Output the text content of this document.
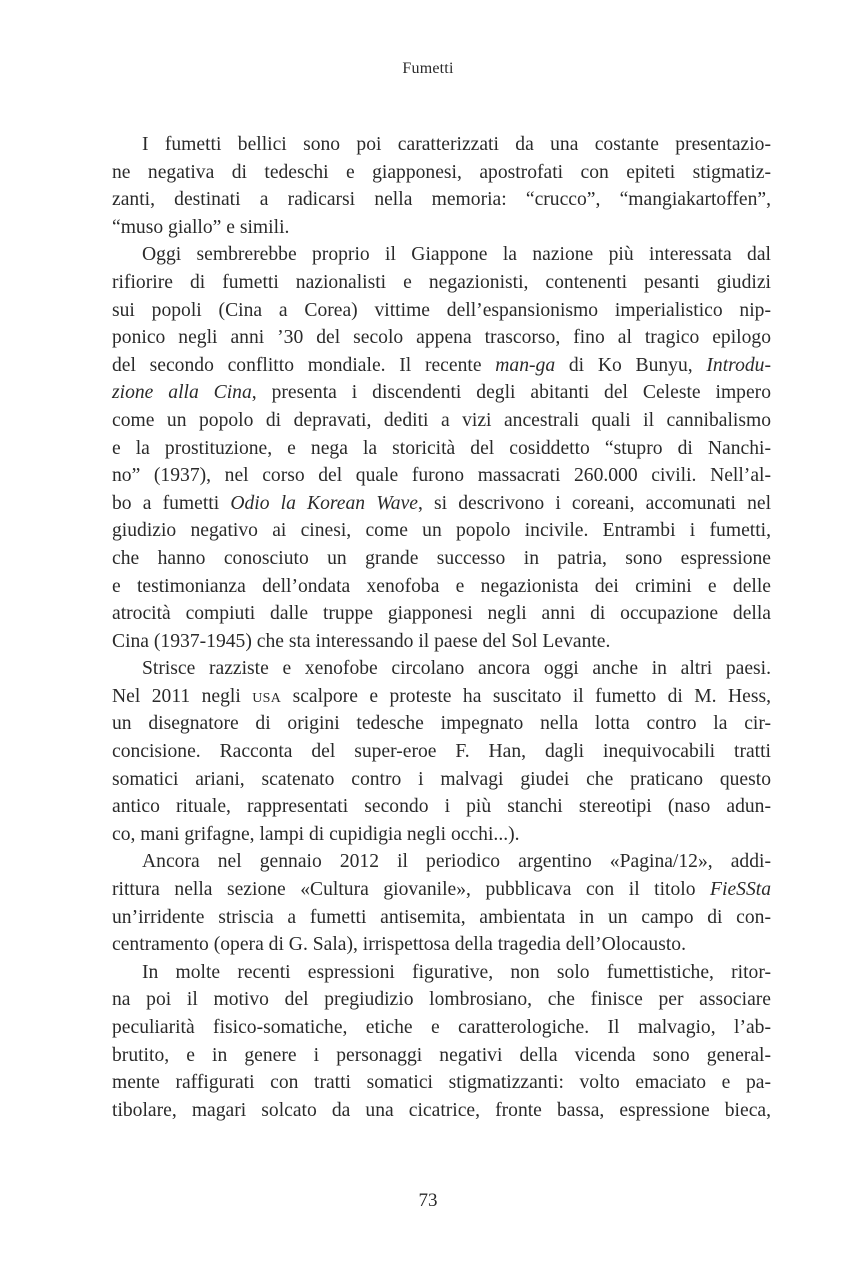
Fumetti
I fumetti bellici sono poi caratterizzati da una costante presentazio-
ne negativa di tedeschi e giapponesi, apostrofati con epiteti stigmatiz-
zanti, destinati a radicarsi nella memoria: “crucco”, “mangiakartoffen”,
“muso giallo” e simili.
Oggi sembrerebbe proprio il Giappone la nazione più interessata dal
rifiorire di fumetti nazionalisti e negazionisti, contenenti pesanti giudizi
sui popoli (Cina a Corea) vittime dell’espansionismo imperialistico nip-
ponico negli anni ’30 del secolo appena trascorso, fino al tragico epilogo
del secondo conflitto mondiale. Il recente man-ga di Ko Bunyu, Introdu-
zione alla Cina, presenta i discendenti degli abitanti del Celeste impero
come un popolo di depravati, dediti a vizi ancestrali quali il cannibalismo
e la prostituzione, e nega la storicità del cosiddetto “stupro di Nanchi-
no” (1937), nel corso del quale furono massacrati 260.000 civili. Nell’al-
bo a fumetti Odio la Korean Wave, si descrivono i coreani, accomunati nel
giudizio negativo ai cinesi, come un popolo incivile. Entrambi i fumetti,
che hanno conosciuto un grande successo in patria, sono espressione
e testimonianza dell’ondata xenofoba e negazionista dei crimini e delle
atrocità compiuti dalle truppe giapponesi negli anni di occupazione della
Cina (1937-1945) che sta interessando il paese del Sol Levante.
Strisce razziste e xenofobe circolano ancora oggi anche in altri paesi.
Nel 2011 negli USA scalpore e proteste ha suscitato il fumetto di M. Hess,
un disegnatore di origini tedesche impegnato nella lotta contro la cir-
concisione. Racconta del super-eroe F. Han, dagli inequivocabili tratti
somatici ariani, scatenato contro i malvagi giudei che praticano questo
antico rituale, rappresentati secondo i più stanchi stereotipi (naso adun-
co, mani grifagne, lampi di cupidigia negli occhi...).
Ancora nel gennaio 2012 il periodico argentino «Pagina/12», addi-
rittura nella sezione «Cultura giovanile», pubblicava con il titolo FieSSta
un’irridente striscia a fumetti antisemita, ambientata in un campo di con-
centramento (opera di G. Sala), irrispettosa della tragedia dell’Olocausto.
In molte recenti espressioni figurative, non solo fumettistiche, ritor-
na poi il motivo del pregiudizio lombrosiano, che finisce per associare
peculiarità fisico-somatiche, etiche e caratterologiche. Il malvagio, l’ab-
brutito, e in genere i personaggi negativi della vicenda sono general-
mente raffigurati con tratti somatici stigmatizzanti: volto emaciato e pa-
tibolare, magari solcato da una cicatrice, fronte bassa, espressione bieca,
73
